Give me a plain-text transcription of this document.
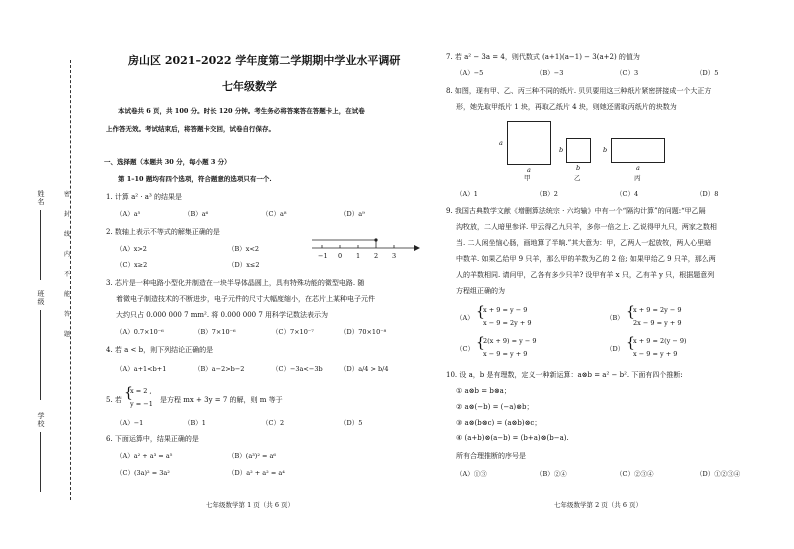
姓名
班级
学校
密
封
线
内
不
能
答
题
房山区 2021–2022 学年度第二学期期中学业水平调研
七年级数学
本试卷共 6 页，共 100 分。时长 120 分钟。考生务必将答案答在答题卡上，在试卷
上作答无效。考试结束后，将答题卡交回，试卷自行保存。
一、选择题（本题共 30 分，每小题 3 分）
第 1–10 题均有四个选项，符合题意的选项只有一个.
1. 计算 a² · a³ 的结果是
（A）a⁵	（B）a⁶	（C）a⁸	（D）a⁹
2. 数轴上表示不等式的解集正确的是
（A）x>2	（B）x<2
（C）x≥2	（D）x≤2
−1 0 1 2 3
3. 芯片是一种电路小型化并制造在一块半导体晶圆上，具有特殊功能的微型电路. 随
着微电子制造技术的不断进步，电子元件的尺寸大幅度缩小，在芯片上某种电子元件
大约只占 0.000 000 7 mm². 将 0.000 000 7 用科学记数法表示为
（A）0.7×10⁻⁶	（B）7×10⁻⁶	（C）7×10⁻⁷	（D）70×10⁻⁸
4. 若 a < b，则下列结论正确的是
（A）a+1<b+1	（B）a−2>b−2	（C）−3a<−3b	（D）a/4 > b/4
5. 若 {
x = 2 ,
y = −1 是方程 mx + 3y = 7 的解，则 m 等于
（A）−1	（B）1	（C）2	（D）5
6. 下面运算中，结果正确的是
（A）a² + a³ = a⁵	（B）(a³)² = a⁶
（C）(3a)² = 3a²	（D）a² + a² = a⁴
七年级数学第 1 页（共 6 页）
7. 若 a² − 3a = 4，则代数式 (a+1)(a−1) − 3(a+2) 的值为
（A）−5	（B）−3	（C）3	（D）5
8. 如图，现有甲、乙、丙三种不同的纸片. 贝贝要用这三种纸片紧密拼接成一个大正方
形，她先取甲纸片 1 块，再取乙纸片 4 块，则她还需取丙纸片的块数为
a
a
b
b
b
a
甲	乙	丙
（A）1	（B）2	（C）4	（D）8
9. 我国古典数学文献《增删算法统宗 · 六均输》中有一个“隔沟计算”的问题:“甲乙隔
沟牧放，二人暗里参详. 甲云得乙九只羊，多你一倍之上. 乙说得甲九只，两家之数相
当. 二人闲坐恼心肠，画地算了半晌.”其大意为：甲，乙两人一起放牧，两人心里暗
中数羊. 如果乙给甲 9 只羊，那么甲的羊数为乙的 2 倍; 如果甲给乙 9 只羊，那么两
人的羊数相同. 请问甲，乙各有多少只羊? 设甲有羊 x 只，乙有羊 y 只，根据题意列
方程组正确的为
（A） {
x + 9 = y − 9
x − 9 = 2y + 9
（B） {
x + 9 = 2y − 9
2x − 9 = y + 9
（C） {
2(x + 9) = y − 9
x − 9 = y + 9
（D） {
x + 9 = 2(y − 9)
x − 9 = y + 9
10. 设 a，b 是有理数，定义一种新运算：a⊗b = a² − b². 下面有四个推断:
① a⊗b = b⊗a；
② a⊗(−b) = (−a)⊗b；
③ a⊗(b⊗c) = (a⊗b)⊗c；
④ (a+b)⊗(a−b) = (b+a)⊗(b−a).
所有合理推断的序号是
（A）①③	（B）②④	（C）②③④	（D）①②③④
七年级数学第 2 页（共 6 页）
